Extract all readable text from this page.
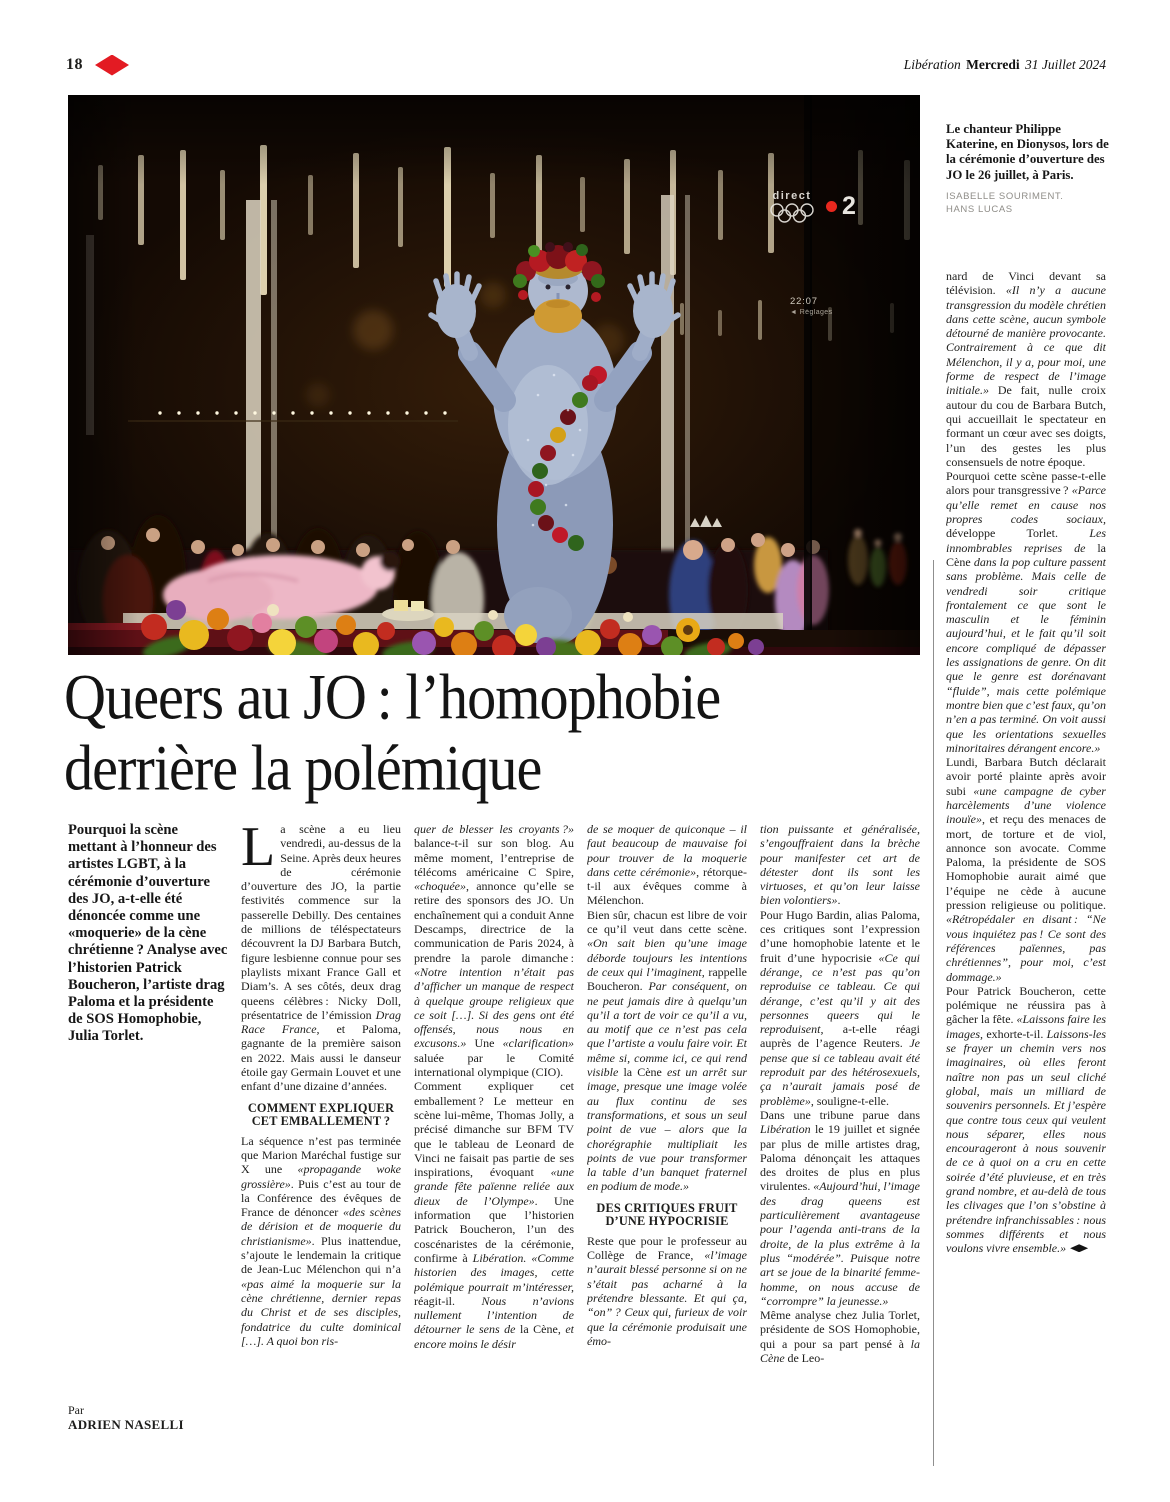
18	Libération Mercredi 31 Juillet 2024
direct	2
22:07
◄ Réglages

Le chanteur Philippe Katerine, en Dionysos, lors de la cérémonie d’ouverture des JO le 26 juillet, à Paris.

ISABELLE SOURIMENT.
HANS LUCAS

Queers au JO : l’homophobie
derrière la polémique

Pourquoi la scène mettant à l’honneur des artistes LGBT, à la cérémonie d’ouverture des JO, a-t-elle été dénoncée comme une «moquerie» de la cène chrétienne ? Analyse avec l’historien Patrick Boucheron, l’artiste drag Paloma et la présidente de SOS Homophobie, Julia Torlet.

Par
ADRIEN NASELLI

La scène a eu lieu vendredi, au-dessus de la Seine. Après deux heures de cérémonie d’ouverture des JO, la partie festivités commence sur la passerelle Debilly. Des centaines de millions de téléspectateurs découvrent la DJ Barbara Butch, figure lesbienne connue pour ses playlists mixant France Gall et Diam’s. A ses côtés, deux drag queens célèbres : Nicky Doll, présentatrice de l’émission Drag Race France, et Paloma, gagnante de la première saison en 2022. Mais aussi le danseur étoile gay Germain Louvet et une enfant d’une dizaine d’années.

COMMENT EXPLIQUER CET EMBALLEMENT ?

La séquence n’est pas terminée que Marion Maréchal fustige sur X une «propagande woke grossière». Puis c’est au tour de la Conférence des évêques de France de dénoncer «des scènes de dérision et de moquerie du christianisme». Plus inattendue, s’ajoute le lendemain la critique de Jean-Luc Mélenchon qui n’a «pas aimé la moquerie sur la cène chrétienne, dernier repas du Christ et de ses disciples, fondatrice du culte dominical […]. A quoi bon ris-

quer de blesser les croyants ?» balance-t-il sur son blog. Au même moment, l’entreprise de télécoms américaine C Spire, «choquée», annonce qu’elle se retire des sponsors des JO. Un enchaînement qui a conduit Anne Descamps, directrice de la communication de Paris 2024, à prendre la parole dimanche : «Notre intention n’était pas d’afficher un manque de respect à quelque groupe religieux que ce soit […]. Si des gens ont été offensés, nous nous en excusons.» Une «clarification» saluée par le Comité international olympique (CIO).

Comment expliquer cet emballement ? Le metteur en scène lui-même, Thomas Jolly, a précisé dimanche sur BFM TV que le tableau de Leonard de Vinci ne faisait pas partie de ses inspirations, évoquant «une grande fête païenne reliée aux dieux de l’Olympe». Une information que l’historien Patrick Boucheron, l’un des coscénaristes de la cérémonie, confirme à Libération. «Comme historien des images, cette polémique pourrait m’intéresser, réagit-il. Nous n’avions nullement l’intention de détourner le sens de la Cène, et encore moins le désir

de se moquer de quiconque – il faut beaucoup de mauvaise foi pour trouver de la moquerie dans cette cérémonie», rétorque-t-il aux évêques comme à Mélenchon.

Bien sûr, chacun est libre de voir ce qu’il veut dans cette scène. «On sait bien qu’une image déborde toujours les intentions de ceux qui l’imaginent, rappelle Boucheron. Par conséquent, on ne peut jamais dire à quelqu’un qu’il a tort de voir ce qu’il a vu, au motif que ce n’est pas cela que l’artiste a voulu faire voir. Et même si, comme ici, ce qui rend visible la Cène est un arrêt sur image, presque une image volée au flux continu de ses transformations, et sous un seul point de vue – alors que la chorégraphie multipliait les points de vue pour transformer la table d’un banquet fraternel en podium de mode.»

DES CRITIQUES FRUIT D’UNE HYPOCRISIE

Reste que pour le professeur au Collège de France, «l’image n’aurait blessé personne si on ne s’était pas acharné à la prétendre blessante. Et qui ça, “on” ? Ceux qui, furieux de voir que la cérémonie produisait une émo-

tion puissante et généralisée, s’engouffraient dans la brèche pour manifester cet art de détester dont ils sont les virtuoses, et qu’on leur laisse bien volontiers».

Pour Hugo Bardin, alias Paloma, ces critiques sont l’expression d’une homophobie latente et le fruit d’une hypocrisie «Ce qui dérange, ce n’est pas qu’on reproduise ce tableau. Ce qui dérange, c’est qu’il y ait des personnes queers qui le reproduisent, a-t-elle réagi auprès de l’agence Reuters. Je pense que si ce tableau avait été reproduit par des hétérosexuels, ça n’aurait jamais posé de problème», souligne-t-elle.

Dans une tribune parue dans Libération le 19 juillet et signée par plus de mille artistes drag, Paloma dénonçait les attaques des droites de plus en plus virulentes. «Aujourd’hui, l’image des drag queens est particulièrement avantageuse pour l’agenda anti-trans de la droite, de la plus extrême à la plus “modérée”. Puisque notre art se joue de la binarité femme-homme, on nous accuse de “corrompre” la jeunesse.»

Même analyse chez Julia Torlet, présidente de SOS Homophobie, qui a pour sa part pensé à la Cène de Leo-

nard de Vinci devant sa télévision. «Il n’y a aucune transgression du modèle chrétien dans cette scène, aucun symbole détourné de manière provocante. Contrairement à ce que dit Mélenchon, il y a, pour moi, une forme de respect de l’image initiale.» De fait, nulle croix autour du cou de Barbara Butch, qui accueillait le spectateur en formant un cœur avec ses doigts, l’un des gestes les plus consensuels de notre époque.

Pourquoi cette scène passe-t-elle alors pour transgressive ? «Parce qu’elle remet en cause nos propres codes sociaux, développe Torlet. Les innombrables reprises de la Cène dans la pop culture passent sans problème. Mais celle de vendredi soir critique frontalement ce que sont le masculin et le féminin aujourd’hui, et le fait qu’il soit encore compliqué de dépasser les assignations de genre. On dit que le genre est dorénavant “fluide”, mais cette polémique montre bien que c’est faux, qu’on n’en a pas terminé. On voit aussi que les orientations sexuelles minoritaires dérangent encore.»

Lundi, Barbara Butch déclarait avoir porté plainte après avoir subi «une campagne de cyber harcèlements d’une violence inouïe», et reçu des menaces de mort, de torture et de viol, annonce son avocate. Comme Paloma, la présidente de SOS Homophobie aurait aimé que l’équipe ne cède à aucune pression religieuse ou politique. «Rétropédaler en disant : “Ne vous inquiétez pas ! Ce sont des références païennes, pas chrétiennes”, pour moi, c’est dommage.»

Pour Patrick Boucheron, cette polémique ne réussira pas à gâcher la fête. «Laissons faire les images, exhorte-t-il. Laissons-les se frayer un chemin vers nos imaginaires, où elles feront naître non pas un seul cliché global, mais un milliard de souvenirs personnels. Et j’espère que contre tous ceux qui veulent nous séparer, elles nous encourageront à nous souvenir de ce à quoi on a cru en cette soirée d’été pluvieuse, et en très grand nombre, et au-delà de tous les clivages que l’on s’obstine à prétendre infranchissables : nous sommes différents et nous voulons vivre ensemble.»
